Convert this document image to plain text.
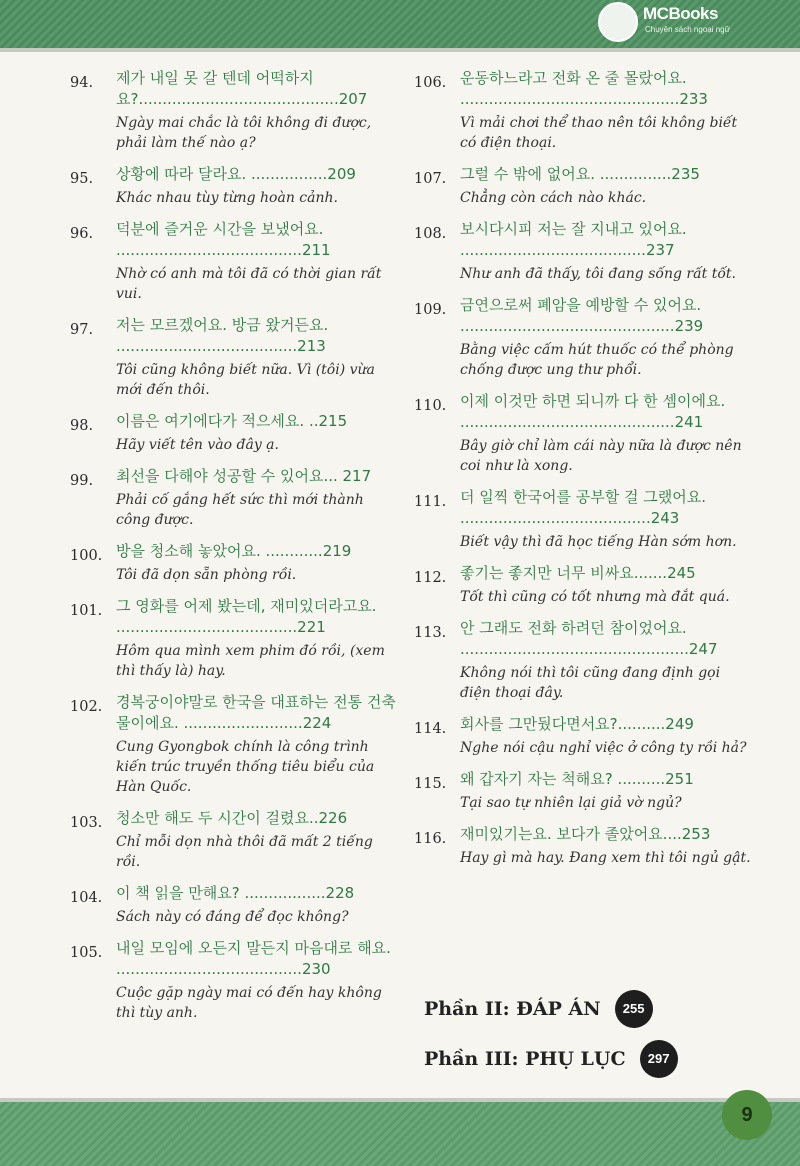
MCBooks
Chuyên sách ngoại ngữ
94.	제가 내일 못 갈 텐데 어떡하지요?..........................................207
Ngày mai chắc là tôi không đi được, phải làm thế nào ạ?
95.	상황에 따라 달라요. ................209
Khác nhau tùy từng hoàn cảnh.
96.	덕분에 즐거운 시간을 보냈어요. .......................................211
Nhờ có anh mà tôi đã có thời gian rất vui.
97.	저는 모르겠어요. 방금 왔거든요. ......................................213
Tôi cũng không biết nữa. Vì (tôi) vừa mới đến thôi.
98.	이름은 여기에다가 적으세요. ..215
Hãy viết tên vào đây ạ.
99.	최선을 다해야 성공할 수 있어요... 217
Phải cố gắng hết sức thì mới thành công được.
100. 방을 청소해 놓았어요. ............219
Tôi đã dọn sẵn phòng rồi.
101. 그 영화를 어제 봤는데, 재미있더라고요. ......................................221
Hôm qua mình xem phim đó rồi, (xem thì thấy là) hay.
102. 경복궁이야말로 한국을 대표하는 전통 건축물이에요. .........................224
Cung Gyongbok chính là công trình kiến trúc truyền thống tiêu biểu của Hàn Quốc.
103. 청소만 해도 두 시간이 걸렸요..226
Chỉ mỗi dọn nhà thôi đã mất 2 tiếng rồi.
104. 이 책 읽을 만해요? .................228
Sách này có đáng để đọc không?
105. 내일 모임에 오든지 말든지 마음대로 해요. .......................................230
Cuộc gặp ngày mai có đến hay không thì tùy anh.
106. 운동하느라고 전화 온 줄 몰랐어요. ..............................................233
Vì mải chơi thể thao nên tôi không biết có điện thoại.
107. 그럴 수 밖에 없어요. ...............235
Chẳng còn cách nào khác.
108. 보시다시피 저는 잘 지내고 있어요. .......................................237
Như anh đã thấy, tôi đang sống rất tốt.
109. 금연으로써 폐암을 예방할 수 있어요. .............................................239
Bằng việc cấm hút thuốc có thể phòng chống được ung thư phổi.
110. 이제 이것만 하면 되니까 다 한 셈이에요. .............................................241
Bây giờ chỉ làm cái này nữa là được nên coi như là xong.
111. 더 일찍 한국어를 공부할 걸 그랬어요. ........................................243
Biết vậy thì đã học tiếng Hàn sớm hơn.
112. 좋기는 좋지만 너무 비싸요.......245
Tốt thì cũng có tốt nhưng mà đắt quá.
113. 안 그래도 전화 하려던 참이었어요. ................................................247
Không nói thì tôi cũng đang định gọi điện thoại đây.
114. 회사를 그만뒀다면서요?..........249
Nghe nói cậu nghỉ việc ở công ty rồi hả?
115. 왜 갑자기 자는 척해요? ..........251
Tại sao tự nhiên lại giả vờ ngủ?
116. 재미있기는요. 보다가 졸았어요....253
Hay gì mà hay. Đang xem thì tôi ngủ gật.
Phần II: ĐÁP ÁN	255
Phần III: PHỤ LỤC	297
9
